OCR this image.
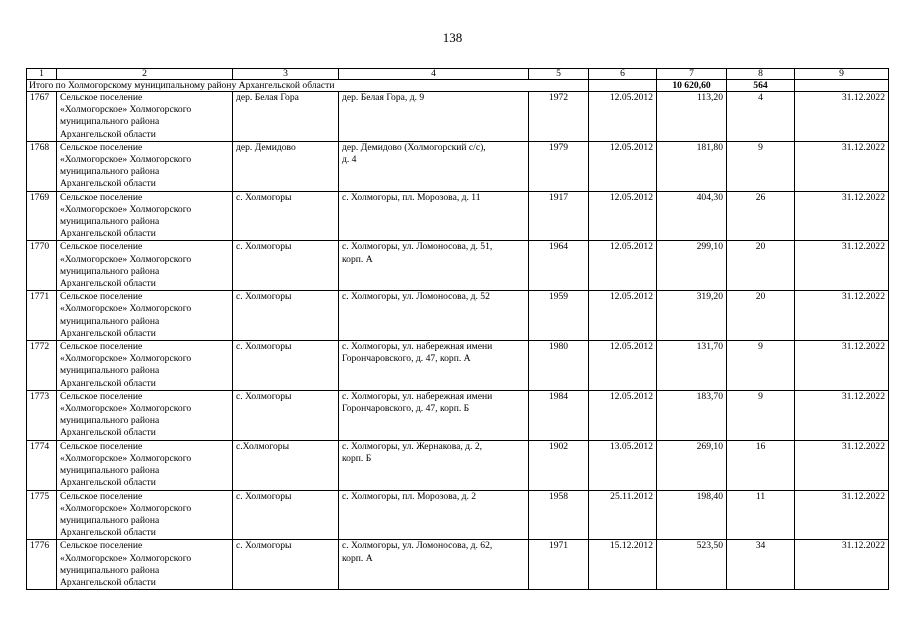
138
1	2	3	4	5	6	7	8	9
Итого по Холмогорскому муниципальному району Архангельской области						10 620,60	564	
1767	Сельское поселение
«Холмогорское» Холмогорского
муниципального района
Архангельской области	дер. Белая Гора	дер. Белая Гора, д. 9	1972	12.05.2012	113,20	4	31.12.2022
1768	Сельское поселение
«Холмогорское» Холмогорского
муниципального района
Архангельской области	дер. Демидово	дер. Демидово (Холмогорский с/с),
д. 4	1979	12.05.2012	181,80	9	31.12.2022
1769	Сельское поселение
«Холмогорское» Холмогорского
муниципального района
Архангельской области	с. Холмогоры	с. Холмогоры, пл. Морозова, д. 11	1917	12.05.2012	404,30	26	31.12.2022
1770	Сельское поселение
«Холмогорское» Холмогорского
муниципального района
Архангельской области	с. Холмогоры	с. Холмогоры, ул. Ломоносова, д. 51,
корп. А	1964	12.05.2012	299,10	20	31.12.2022
1771	Сельское поселение
«Холмогорское» Холмогорского
муниципального района
Архангельской области	с. Холмогоры	с. Холмогоры, ул. Ломоносова, д. 52	1959	12.05.2012	319,20	20	31.12.2022
1772	Сельское поселение
«Холмогорское» Холмогорского
муниципального района
Архангельской области	с. Холмогоры	с. Холмогоры, ул. набережная имени
Горончаровского, д. 47, корп. А	1980	12.05.2012	131,70	9	31.12.2022
1773	Сельское поселение
«Холмогорское» Холмогорского
муниципального района
Архангельской области	с. Холмогоры	с. Холмогоры, ул. набережная имени
Горончаровского, д. 47, корп. Б	1984	12.05.2012	183,70	9	31.12.2022
1774	Сельское поселение
«Холмогорское» Холмогорского
муниципального района
Архангельской области	с.Холмогоры	с. Холмогоры, ул. Жернакова, д. 2,
корп. Б	1902	13.05.2012	269,10	16	31.12.2022
1775	Сельское поселение
«Холмогорское» Холмогорского
муниципального района
Архангельской области	с. Холмогоры	с. Холмогоры, пл. Морозова, д. 2	1958	25.11.2012	198,40	11	31.12.2022
1776	Сельское поселение
«Холмогорское» Холмогорского
муниципального района
Архангельской области	с. Холмогоры	с. Холмогоры, ул. Ломоносова, д. 62,
корп. А	1971	15.12.2012	523,50	34	31.12.2022
